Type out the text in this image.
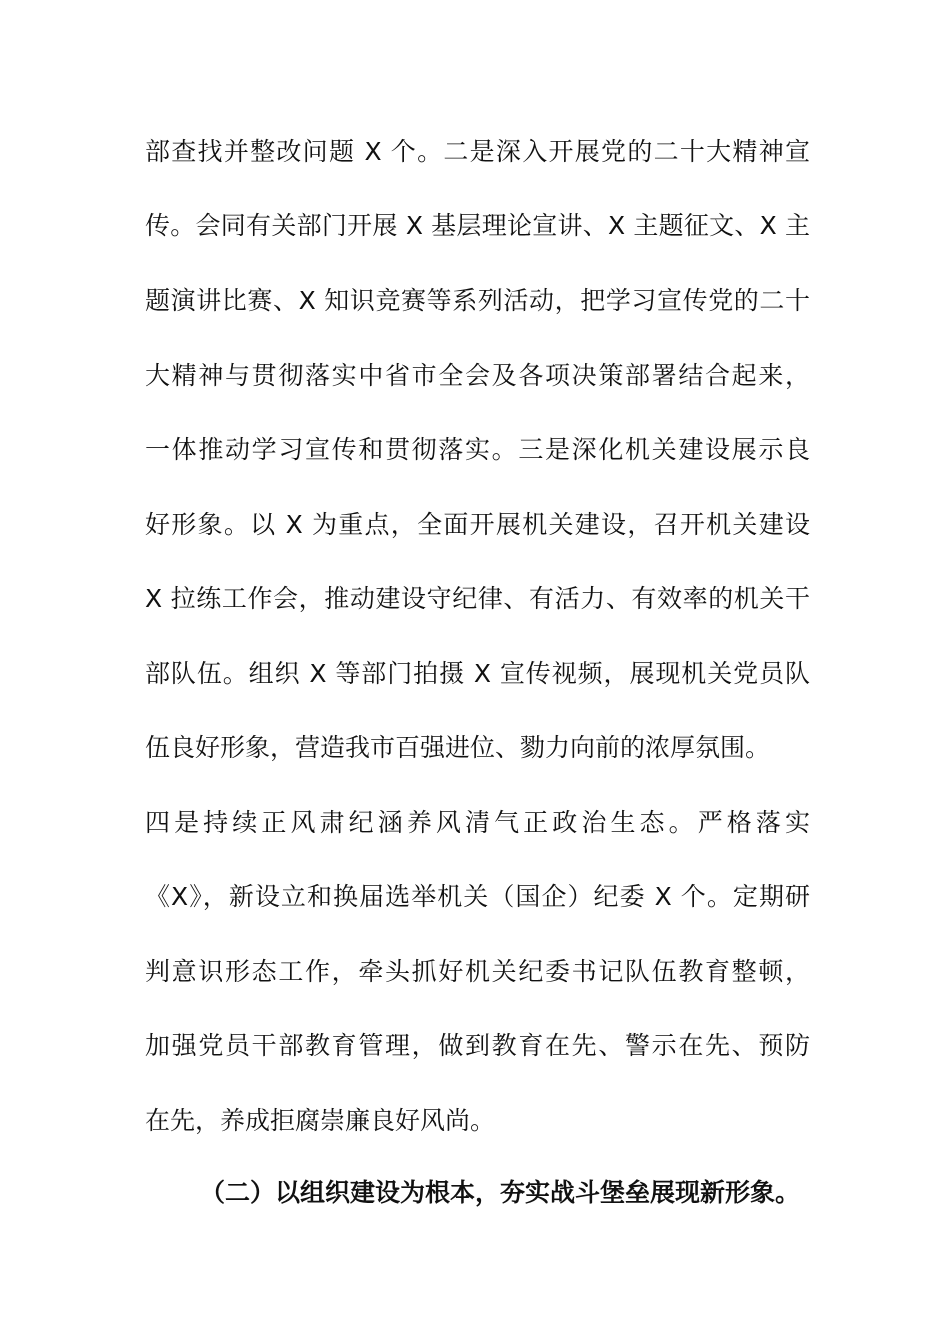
部查找并整改问题 X 个。二是深入开展党的二十大精神宣
传。会同有关部门开展 X 基层理论宣讲、X 主题征文、X 主
题演讲比赛、X 知识竞赛等系列活动，把学习宣传党的二十
大精神与贯彻落实中省市全会及各项决策部署结合起来，
一体推动学习宣传和贯彻落实。三是深化机关建设展示良
好形象。以 X 为重点，全面开展机关建设，召开机关建设
X 拉练工作会，推动建设守纪律、有活力、有效率的机关干
部队伍。组织 X 等部门拍摄 X 宣传视频，展现机关党员队
伍良好形象，营造我市百强进位、勠力向前的浓厚氛围。
四是持续正风肃纪涵养风清气正政治生态。严格落实
《X》，新设立和换届选举机关（国企）纪委 X 个。定期研
判意识形态工作，牵头抓好机关纪委书记队伍教育整顿，
加强党员干部教育管理，做到教育在先、警示在先、预防
在先，养成拒腐崇廉良好风尚。
（二）以组织建设为根本，夯实战斗堡垒展现新形象。
